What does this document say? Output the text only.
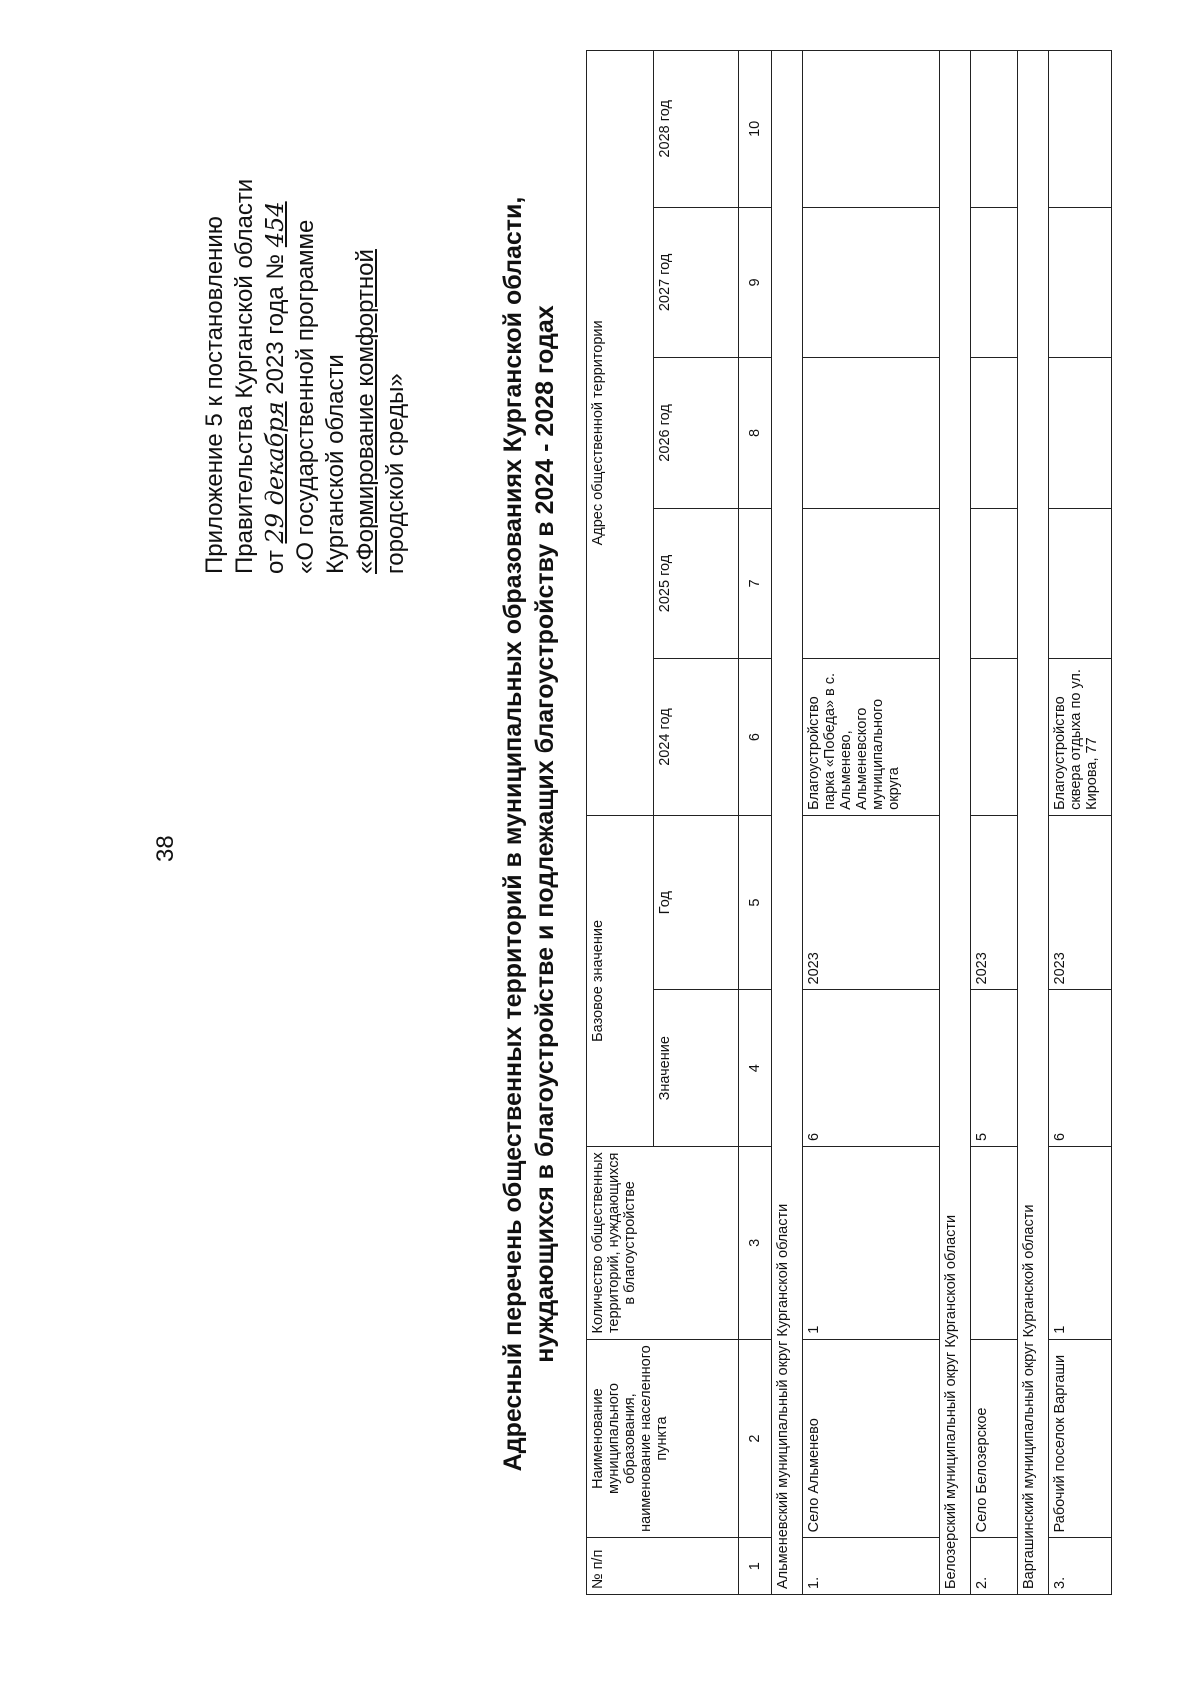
38
Приложение 5 к постановлению Правительства Курганской области от 29 декабря 2023 года № 454 «О государственной программе Курганской области «Формирование комфортной городской среды»	Адресный перечень общественных территорий в муниципальных образованиях Курганской области, нуждающихся в благоустройстве и подлежащих благоустройству в 2024 - 2028 годах
№ п/п	Наименование муниципального образования, наименование населенного пункта	Количество общественных территорий, нуждающихся в благоустройстве	Базовое значение		Адрес общественной территории				
			Значение	Год	2024 год	2025 год	2026 год	2027 год	2028 год
1	2	3	4	5	6	7	8	9	10
Альменевский муниципальный округ Курганской области									
1.	Село Альменево	1	6	2023	Благоустройство парка «Победа» в с. Альменево, Альменевского муниципального округа				
Белозерский муниципальный округ Курганской области									
2.	Село Белозерское		5	2023					
Варгашинский муниципальный округ Курганской области									
3.	Рабочий поселок Варгаши	1	6	2023	Благоустройство сквера отдыха по ул. Кирова, 77				
